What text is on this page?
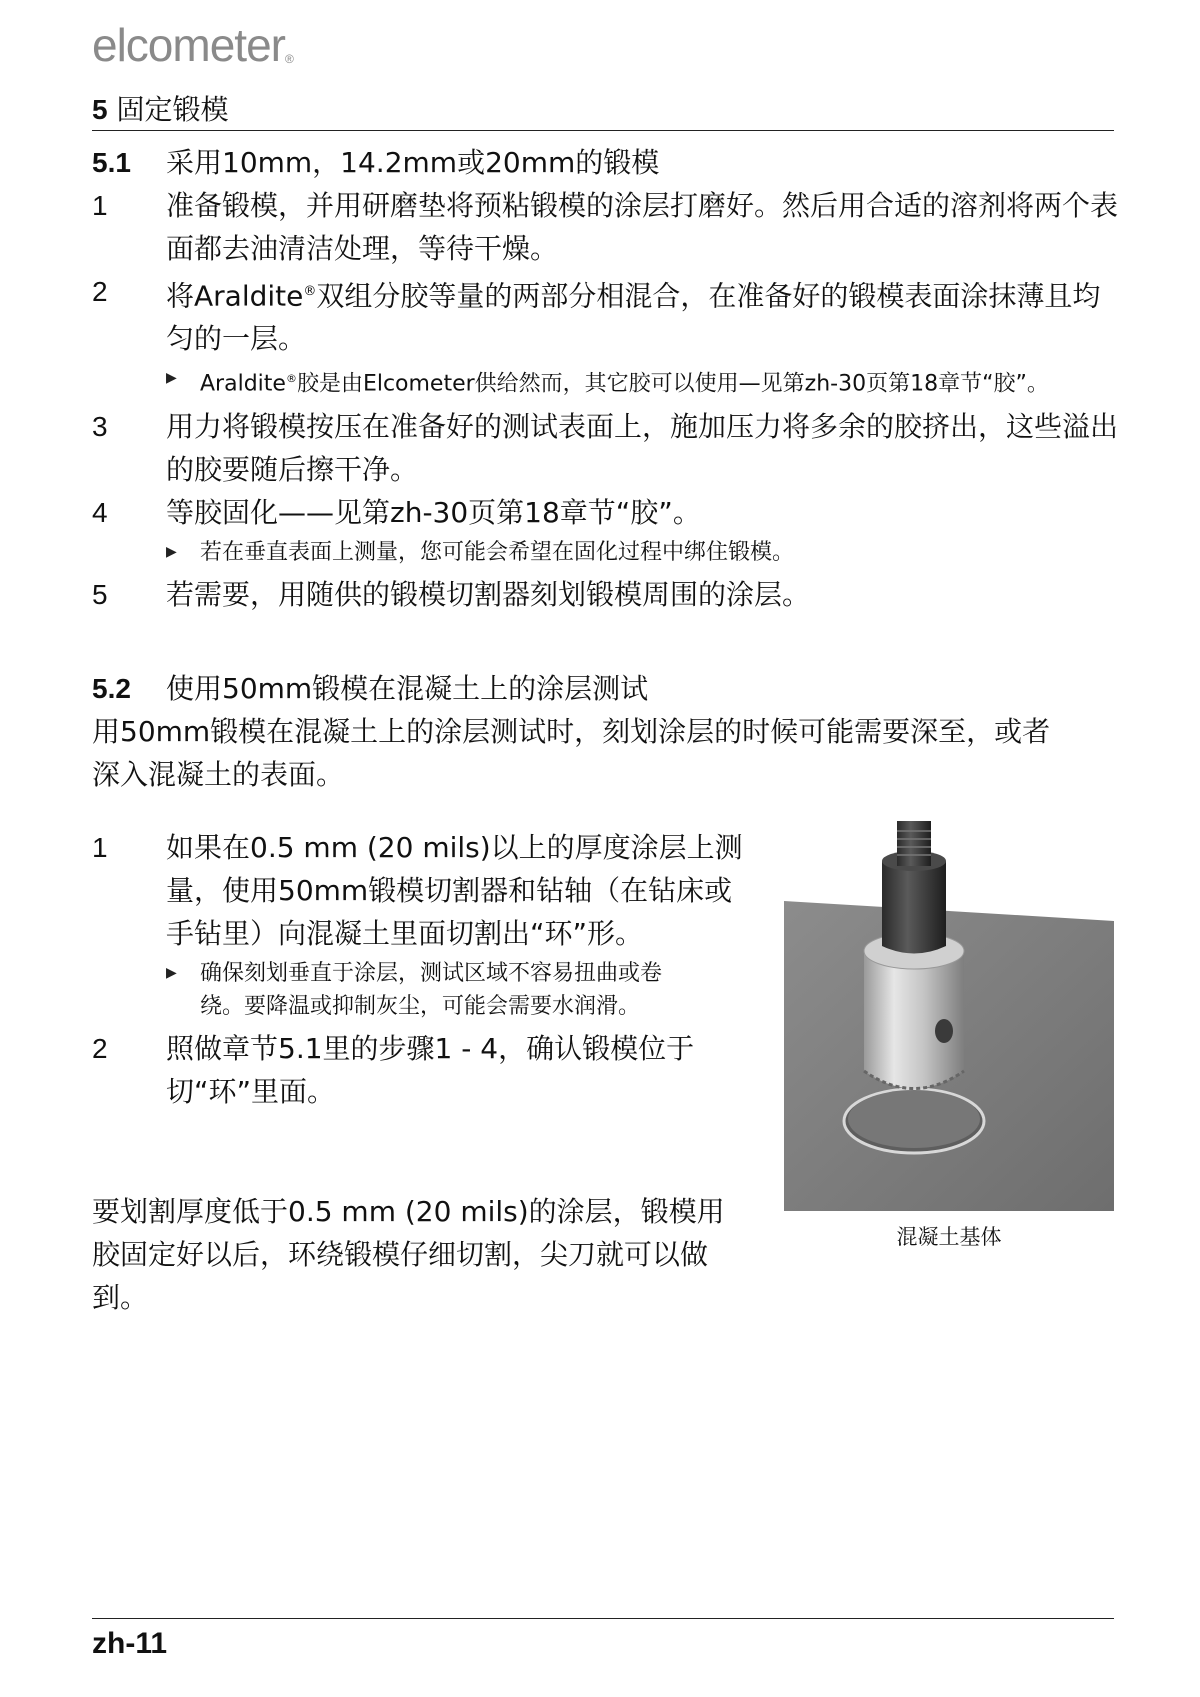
elcometer®
5 固定锻模
5.1	采用10mm，14.2mm或20mm的锻模
1	准备锻模，并用研磨垫将预粘锻模的涂层打磨好。然后用合适的溶剂将两个表面都去油清洁处理，等待干燥。
2	将Araldite®双组分胶等量的两部分相混合，在准备好的锻模表面涂抹薄且均匀的一层。
▶	Araldite®胶是由Elcometer供给然而，其它胶可以使用—见第zh-30页第18章节“胶”。
3	用力将锻模按压在准备好的测试表面上，施加压力将多余的胶挤出，这些溢出的胶要随后擦干净。
4	等胶固化——见第zh-30页第18章节“胶”。
▶	若在垂直表面上测量，您可能会希望在固化过程中绑住锻模。
5	若需要，用随供的锻模切割器刻划锻模周围的涂层。
5.2	使用50mm锻模在混凝土上的涂层测试
用50mm锻模在混凝土上的涂层测试时，刻划涂层的时候可能需要深至，或者深入混凝土的表面。
1	如果在0.5 mm (20 mils)以上的厚度涂层上测量，使用50mm锻模切割器和钻轴（在钻床或手钻里）向混凝土里面切割出“环”形。
▶	确保刻划垂直于涂层，测试区域不容易扭曲或卷绕。要降温或抑制灰尘，可能会需要水润滑。
2	照做章节5.1里的步骤1 - 4，确认锻模位于切“环”里面。
要划割厚度低于0.5 mm (20 mils)的涂层，锻模用胶固定好以后，环绕锻模仔细切割，尖刀就可以做到。
混凝土基体
zh-11
